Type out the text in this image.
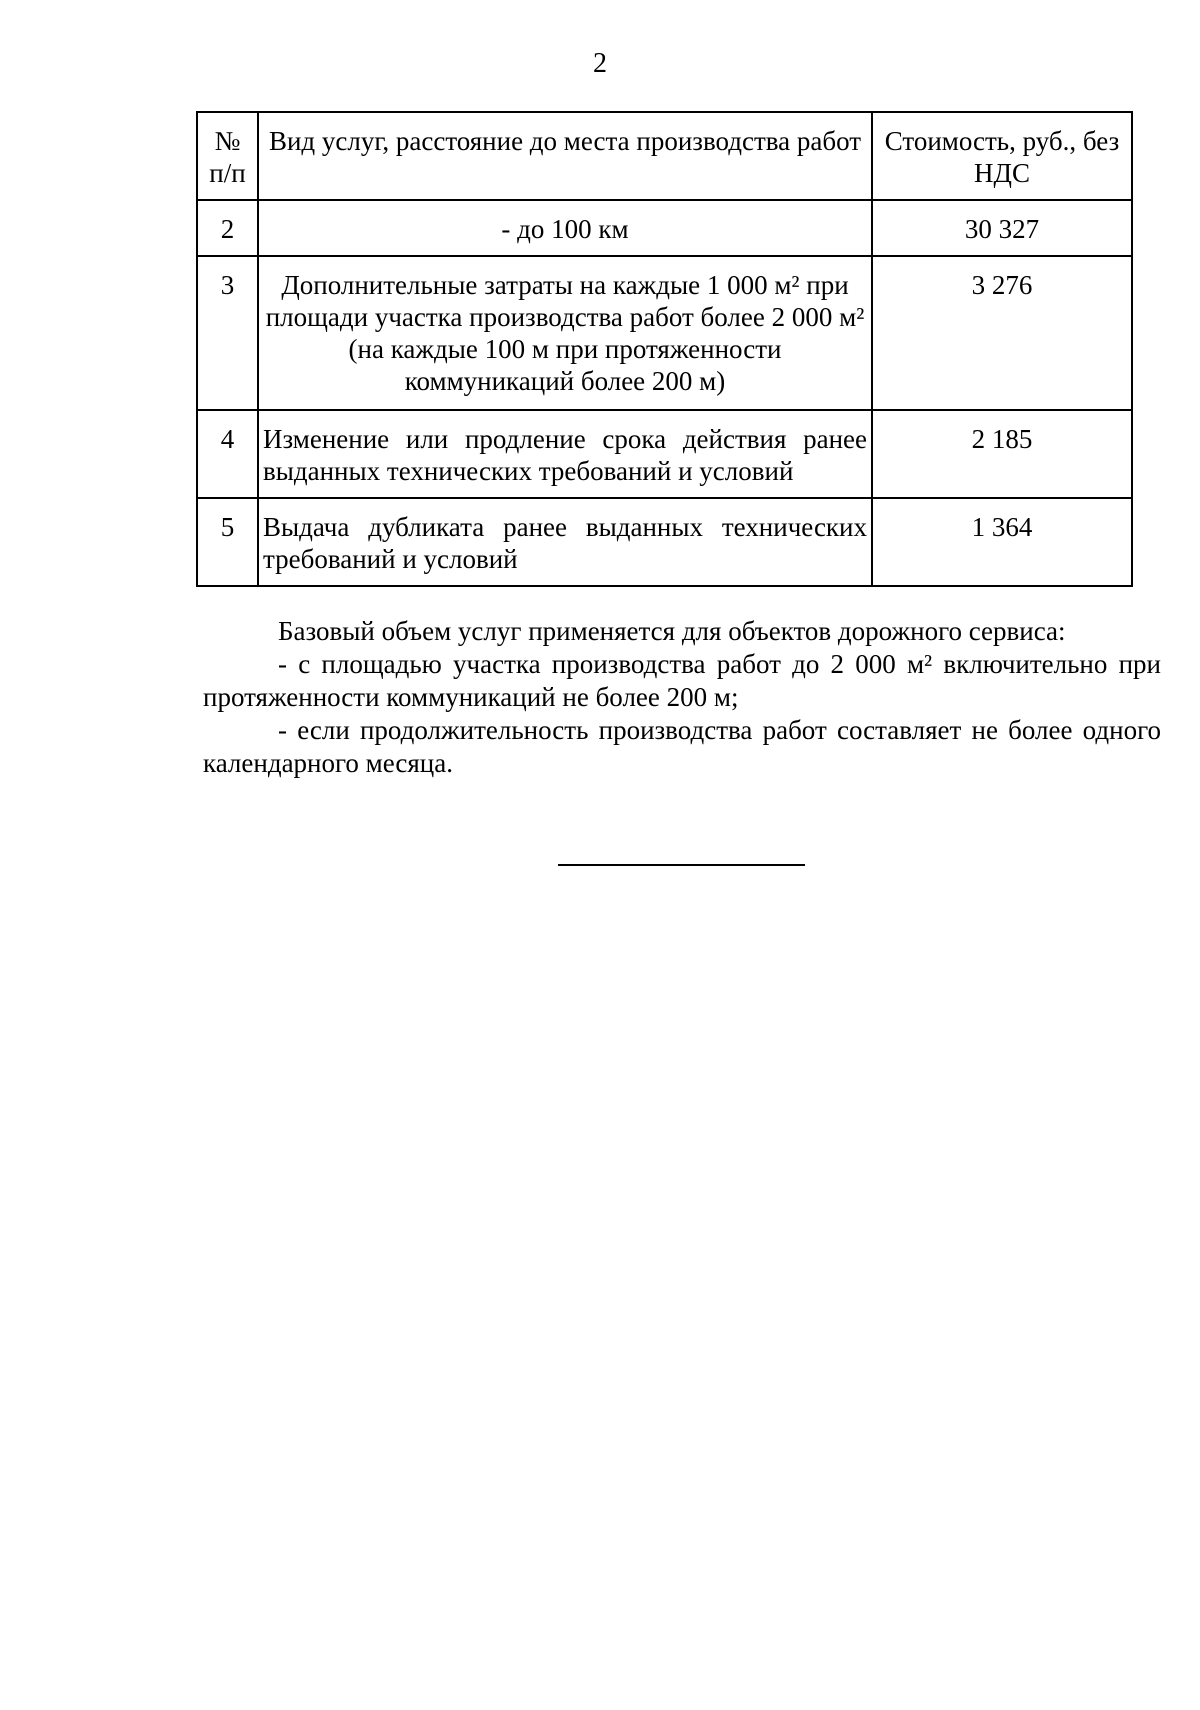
2
№ п/п	Вид услуг, расстояние до места производства работ	Стоимость, руб., без НДС
2	- до 100 км	30 327
3	Дополнительные затраты на каждые 1 000 м² при площади участка производства работ более 2 000 м² (на каждые 100 м при протяженности коммуникаций более 200 м)	3 276
4	Изменение или продление срока действия ранее выданных технических требований и условий	2 185
5	Выдача дубликата ранее выданных технических требований и условий	1 364

Базовый объем услуг применяется для объектов дорожного сервиса:

- с площадью участка производства работ до 2 000 м² включительно при протяженности коммуникаций не более 200 м;

- если продолжительность производства работ составляет не более одного календарного месяца.
